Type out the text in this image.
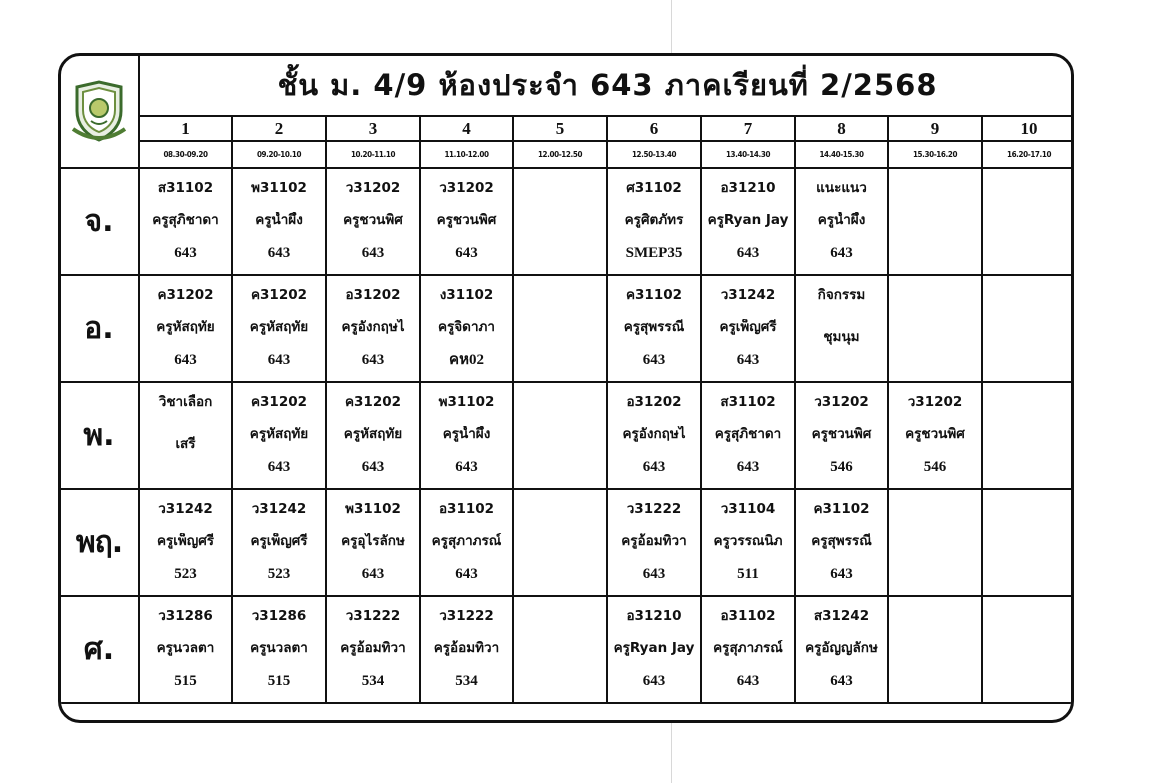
	ชั้น ม. 4/9 ห้องประจำ 643 ภาคเรียนที่ 2/2568									
	1	2	3	4	5	6	7	8	9	10
	08.30-09.20	09.20-10.10	10.20-11.10	11.10-12.00	12.00-12.50	12.50-13.40	13.40-14.30	14.40-15.30	15.30-16.20	16.20-17.10
จ.	ส31102
ครูสุภิชาดา
643	พ31102
ครูน้ำผึ้ง
643	ว31202
ครูชวนพิศ
643	ว31202
ครูชวนพิศ
643		ศ31102
ครูศิตภัทร
SMEP35	อ31210
ครูRyan Jay
643	แนะแนว
ครูน้ำผึ้ง
643		

อ.	ค31202
ครูหัสฤทัย
643	ค31202
ครูหัสฤทัย
643	อ31202
ครูอังกฤษไ
643	ง31102
ครูจิดาภา
คห02		ค31102
ครูสุพรรณี
643	ว31242
ครูเพ็ญศรี
643	กิจกรรม
ชุมนุม		

พ.	วิชาเลือก
เสรี	ค31202
ครูหัสฤทัย
643	ค31202
ครูหัสฤทัย
643	พ31102
ครูน้ำผึ้ง
643		อ31202
ครูอังกฤษไ
643	ส31102
ครูสุภิชาดา
643	ว31202
ครูชวนพิศ
546	ว31202
ครูชวนพิศ
546	

พฤ.	ว31242
ครูเพ็ญศรี
523	ว31242
ครูเพ็ญศรี
523	พ31102
ครูอุไรลักษ
643	อ31102
ครูสุภาภรณ์
643		ว31222
ครูอ้อมทิวา
643	ว31104
ครูวรรณนิภ
511	ค31102
ครูสุพรรณี
643		

ศ.	ว31286
ครูนวลตา
515	ว31286
ครูนวลตา
515	ว31222
ครูอ้อมทิวา
534	ว31222
ครูอ้อมทิวา
534		อ31210
ครูRyan Jay
643	อ31102
ครูสุภาภรณ์
643	ส31242
ครูอัญญลักษ
643		
